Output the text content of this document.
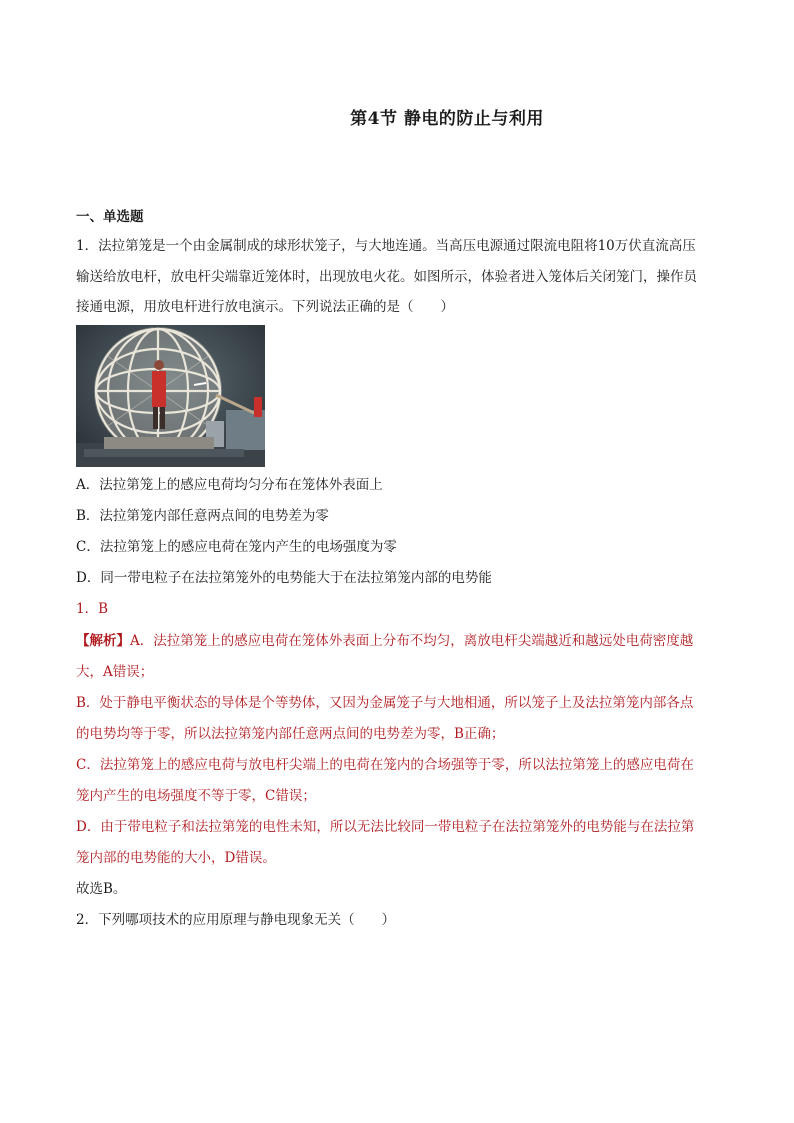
第4节 静电的防止与利用
一、单选题
1．法拉第笼是一个由金属制成的球形状笼子，与大地连通。当高压电源通过限流电阻将10万伏直流高压
输送给放电杆，放电杆尖端靠近笼体时，出现放电火花。如图所示，体验者进入笼体后关闭笼门，操作员
接通电源，用放电杆进行放电演示。下列说法正确的是（　　）
A．法拉第笼上的感应电荷均匀分布在笼体外表面上
B．法拉第笼内部任意两点间的电势差为零
C．法拉第笼上的感应电荷在笼内产生的电场强度为零
D．同一带电粒子在法拉第笼外的电势能大于在法拉第笼内部的电势能
1．B
【解析】A．法拉第笼上的感应电荷在笼体外表面上分布不均匀，离放电杆尖端越近和越远处电荷密度越
大，A错误；
B．处于静电平衡状态的导体是个等势体，又因为金属笼子与大地相通，所以笼子上及法拉第笼内部各点
的电势均等于零，所以法拉第笼内部任意两点间的电势差为零，B正确；
C．法拉第笼上的感应电荷与放电杆尖端上的电荷在笼内的合场强等于零，所以法拉第笼上的感应电荷在
笼内产生的电场强度不等于零，C错误；
D．由于带电粒子和法拉第笼的电性未知，所以无法比较同一带电粒子在法拉第笼外的电势能与在法拉第
笼内部的电势能的大小，D错误。
故选B。
2．下列哪项技术的应用原理与静电现象无关（　　）
